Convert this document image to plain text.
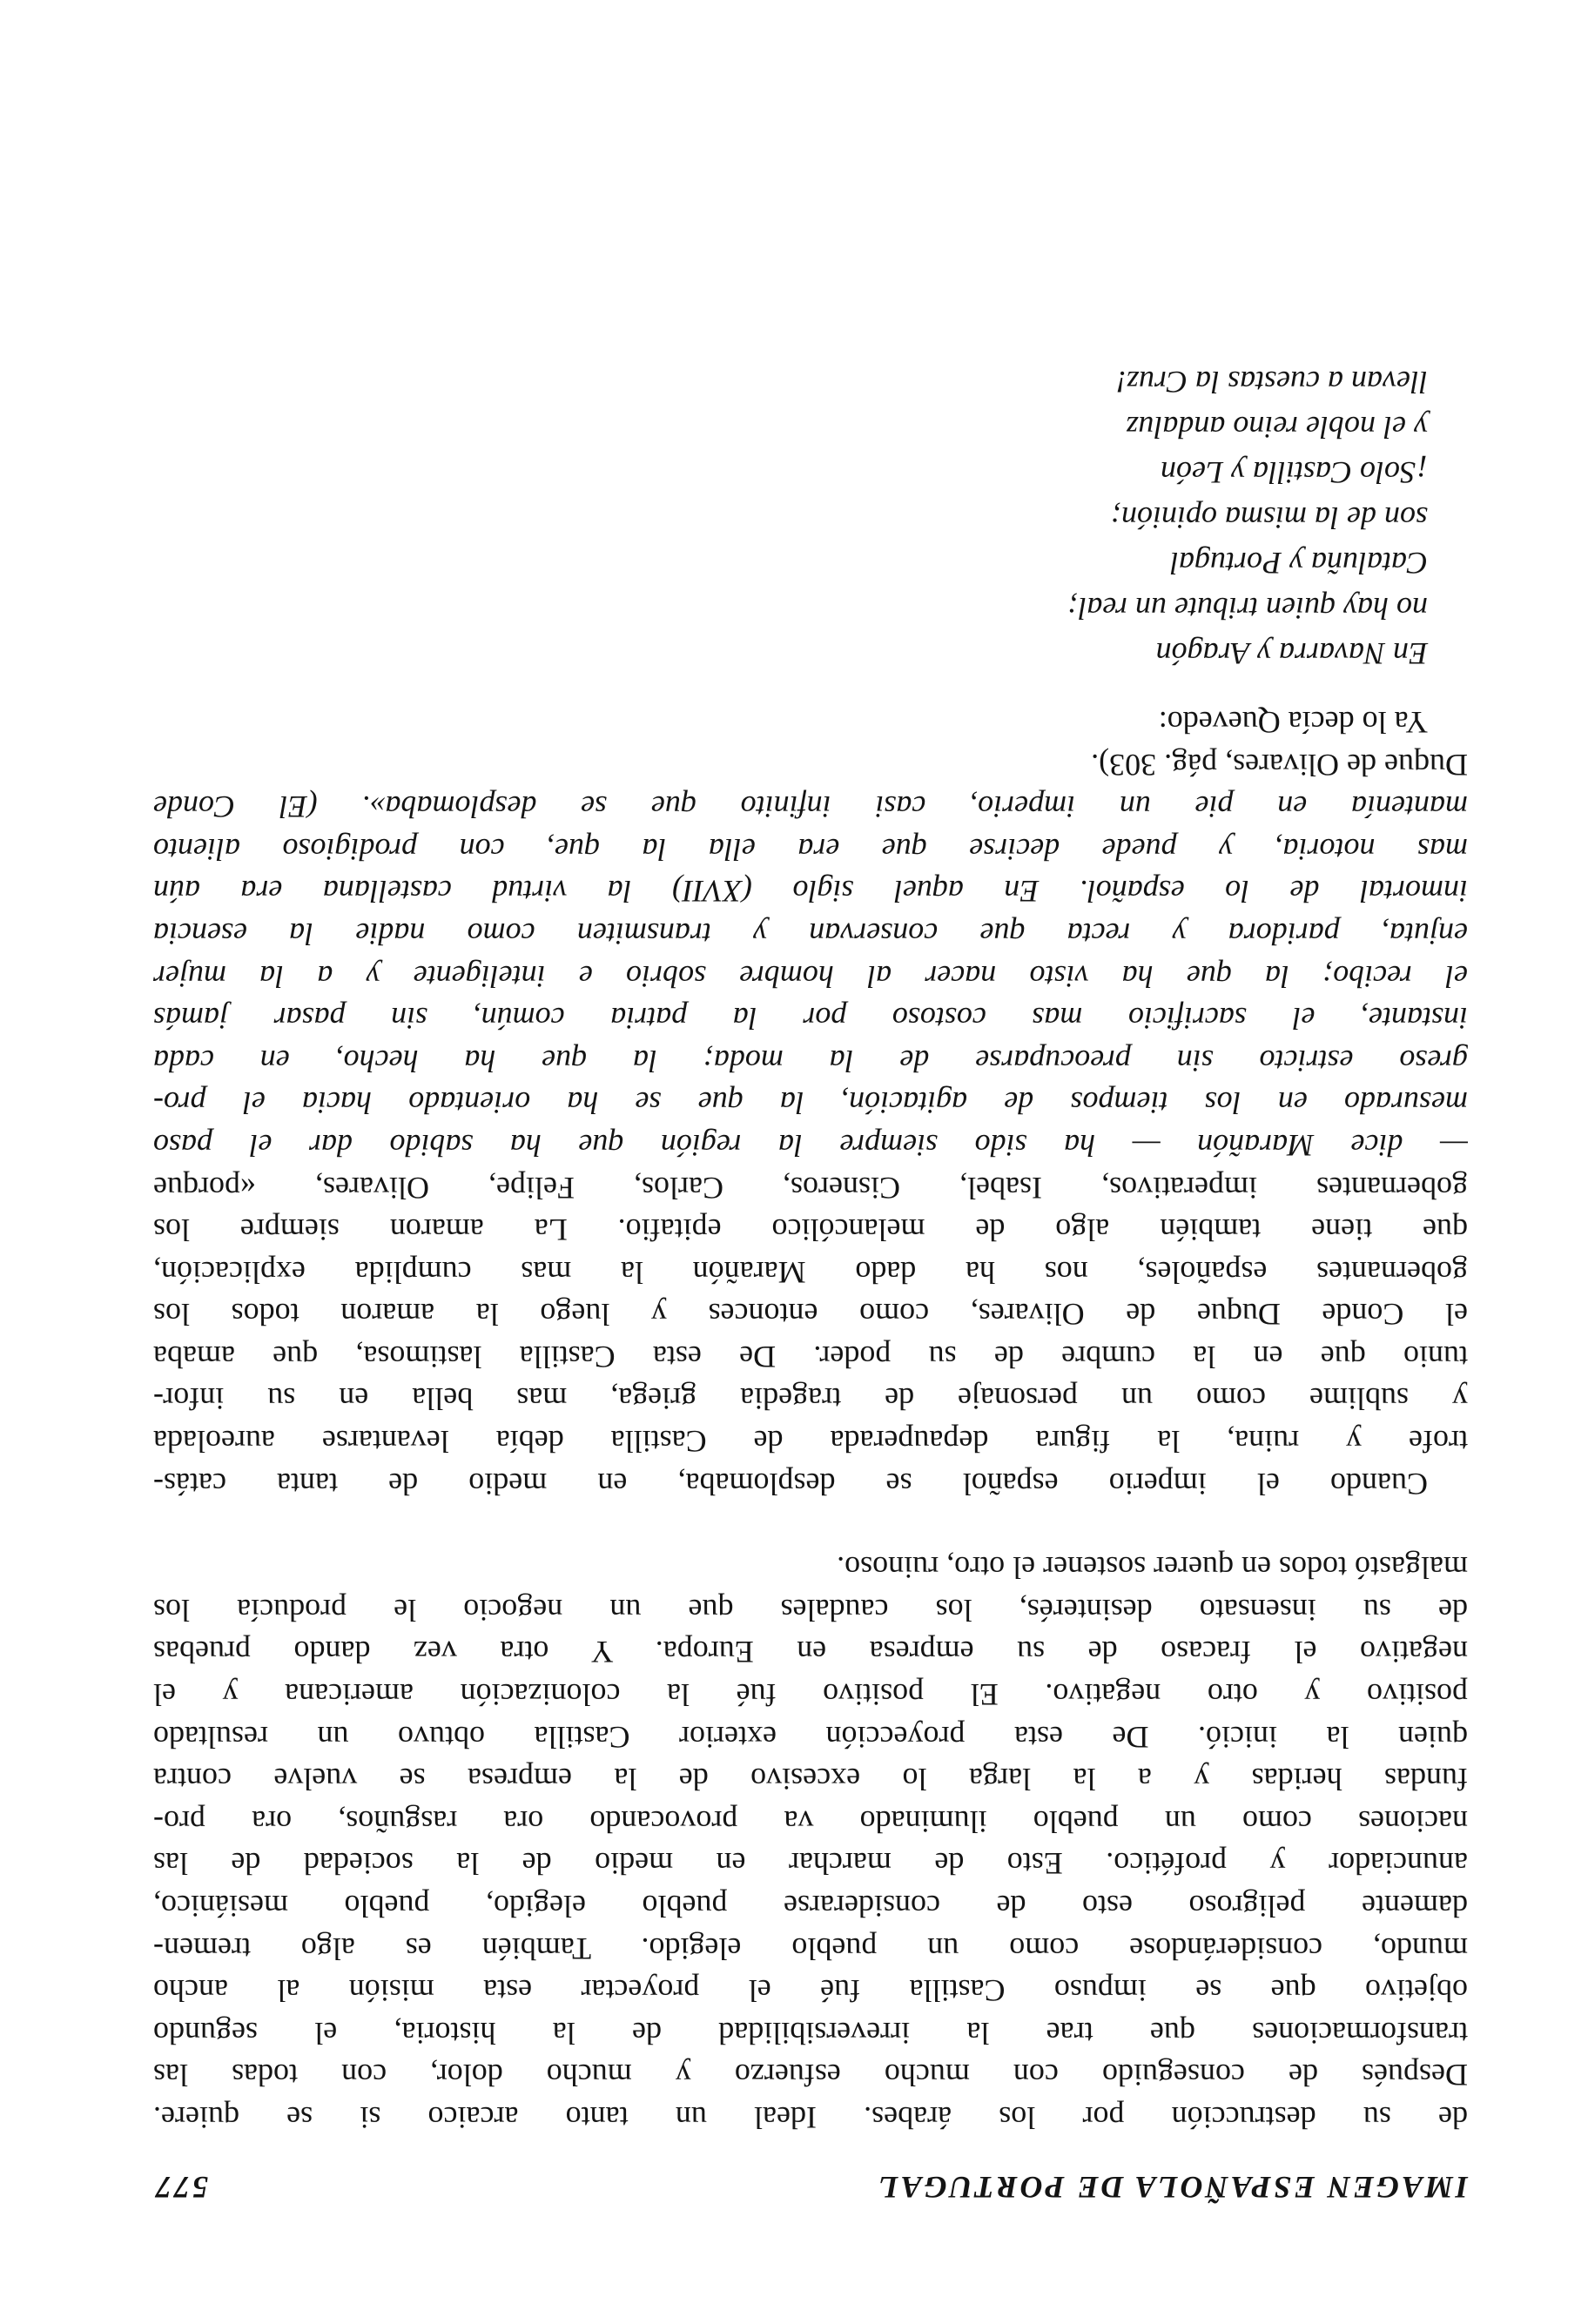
IMAGEN ESPAÑOLA DE PORTUGAL
577
de su destrucción por los árabes. Ideal un tanto arcaico si se quiere.
Después de conseguido con mucho esfuerzo y mucho dolor, con todas las
transformaciones que trae la irreversibilidad de la historia, el segundo
objetivo que se impuso Castilla fué el proyectar esta misión al ancho
mundo, considerándose como un pueblo elegido. También es algo tremen-
damente peligroso esto de considerarse pueblo elegido, pueblo mesiánico,
anunciador y profético. Esto de marchar en medio de la sociedad de las
naciones como un pueblo iluminado va provocando ora rasguños, ora pro-
fundas heridas y a la larga lo excesivo de la empresa se vuelve contra
quien la inició. De esta proyección exterior Castilla obtuvo un resultado
positivo y otro negativo. El positivo fué la colonización americana y el
negativo el fracaso de su empresa en Europa. Y otra vez dando pruebas
de su insensato desinterés, los caudales que un negocio le producía los
malgastó todos en querer sostener el otro, ruinoso.
Cuando el imperio español se desplomaba, en medio de tanta catás-
trofe y ruina, la figura depauperada de Castilla debía levantarse aureolada
y sublime como un personaje de tragedia griega, mas bella en su infor-
tunio que en la cumbre de su poder. De esta Castilla lastimosa, que amaba
el Conde Duque de Olivares, como entonces y luego la amaron todos los
gobernantes españoles, nos ha dado Marañón la mas cumplida explicación,
que tiene también algo de melancólico epitafio. La amaron siempre los
gobernantes imperativos, Isabel, Cisneros, Carlos, Felipe, Olivares, «porque
— dice Marañón — ha sido siempre la región que ha sabido dar el paso
mesurado en los tiempos de agitación, la que se ha orientado hacia el pro-
greso estricto sin preocuparse de la moda; la que ha hecho, en cada
instante, el sacrificio mas costoso por la patria común, sin pasar jamás
el recibo; la que ha visto nacer al hombre sobrio e inteligente y a la mujer
enjuta, paridora y recta que conservan y transmiten como nadie la esencia
inmortal de lo español. En aquel siglo (XVII) la virtud castellana era aún
mas notoria, y puede decirse que era ella la que, con prodigioso aliento
mantenía en pie un imperio, casi infinito que se desplomaba». (El Conde
Duque de Olivares, pág. 303).
Ya lo decía Quevedo:
En Navarra y Aragón
no hay quien tribute un real;
Cataluña y Portugal
son de la misma opinión;
¡Solo Castilla y León
y el noble reino andaluz
llevan a cuestas la Cruz!
